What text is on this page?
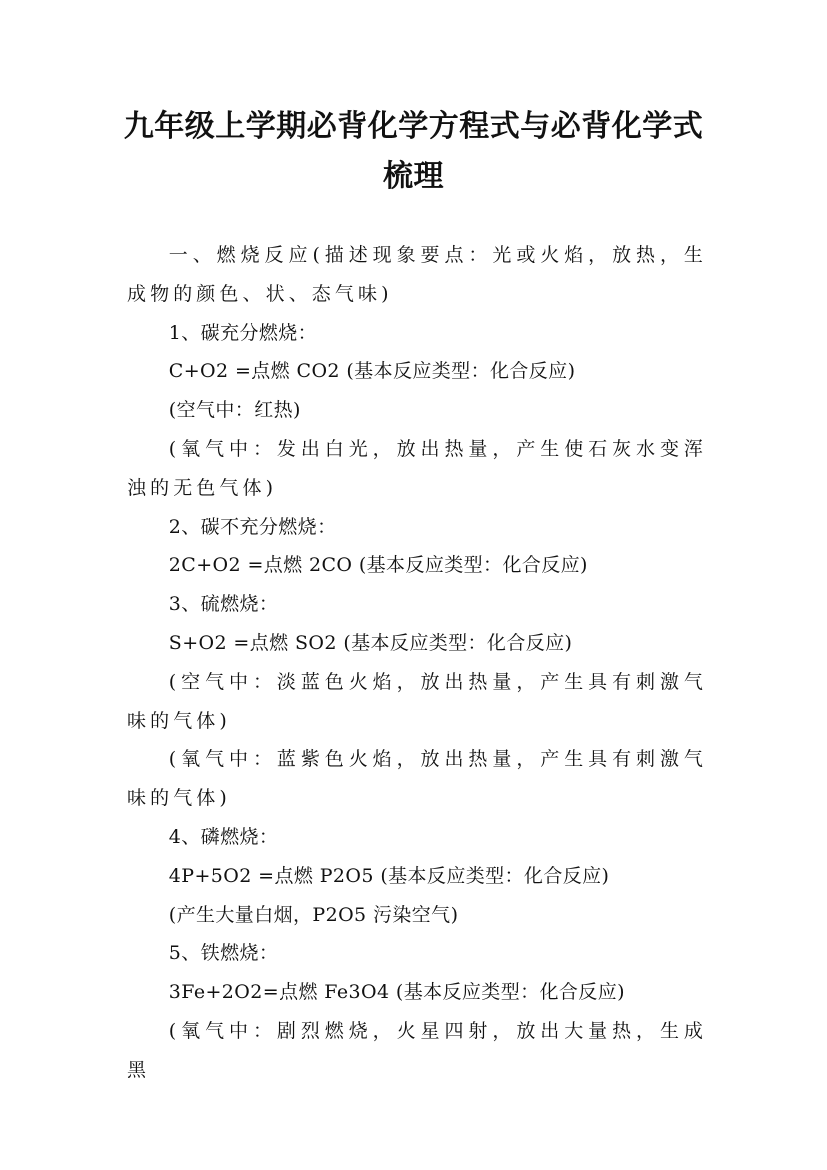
九年级上学期必背化学方程式与必背化学式梳理

一、燃烧反应(描述现象要点：光或火焰，放热，生成物的颜色、状、态气味)

1、碳充分燃烧：

C+O2 =点燃 CO2 (基本反应类型：化合反应)

(空气中：红热)

(氧气中：发出白光，放出热量，产生使石灰水变浑浊的无色气体)

2、碳不充分燃烧：

2C+O2 =点燃 2CO (基本反应类型：化合反应)

3、硫燃烧：

S+O2 =点燃 SO2 (基本反应类型：化合反应)

(空气中：淡蓝色火焰，放出热量，产生具有刺激气味的气体)

(氧气中：蓝紫色火焰，放出热量，产生具有刺激气味的气体)

4、磷燃烧：

4P+5O2 =点燃 P2O5 (基本反应类型：化合反应)

(产生大量白烟，P2O5 污染空气)

5、铁燃烧：

3Fe+2O2=点燃 Fe3O4 (基本反应类型：化合反应)

(氧气中：剧烈燃烧，火星四射，放出大量热，生成黑
